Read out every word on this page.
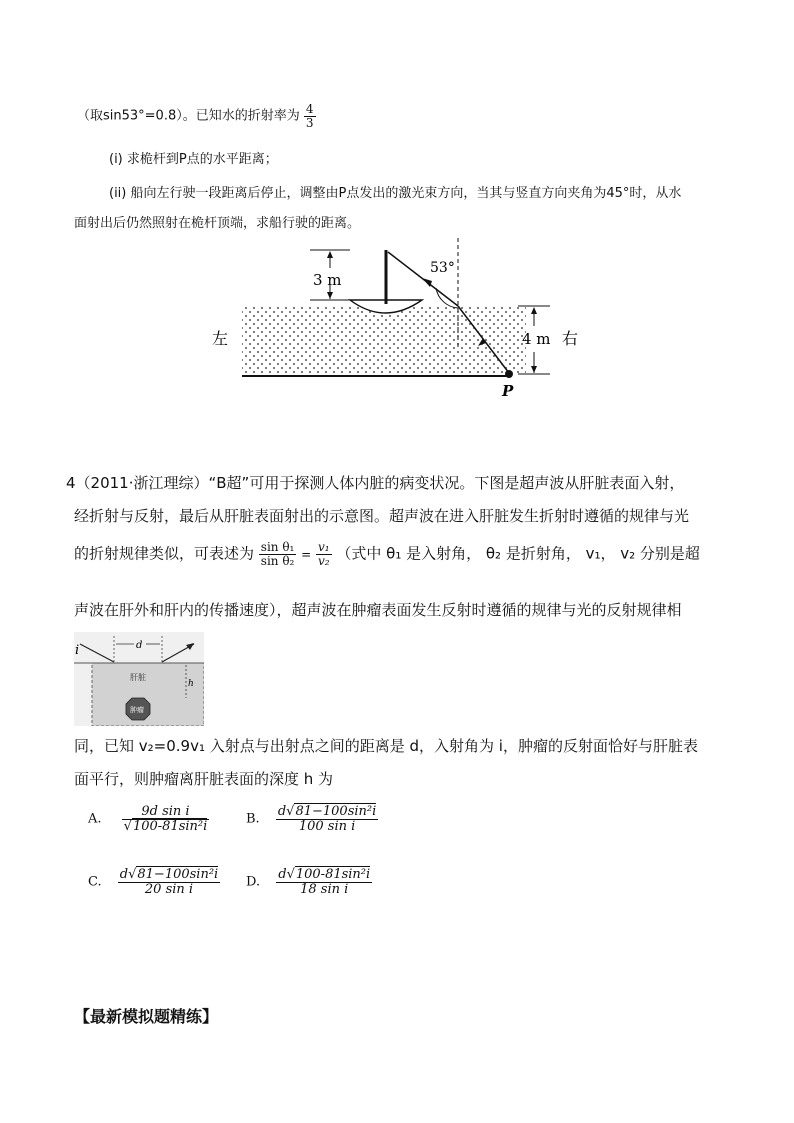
（取sin53°=0.8）。已知水的折射率为 $\frac{4}{3}$
(i) 求桅杆到P点的水平距离；
(ii) 船向左行驶一段距离后停止，调整由P点发出的激光束方向，当其与竖直方向夹角为45°时，从水
面射出后仍然照射在桅杆顶端，求船行驶的距离。
3 m
53°
P
4 m
左	右
4（2011·浙江理综）“B超”可用于探测人体内脏的病变状况。下图是超声波从肝脏表面入射，
经折射与反射，最后从肝脏表面射出的示意图。超声波在进入肝脏发生折射时遵循的规律与光
的折射规律类似，可表述为 $\frac{\text{sin θ₁}}{\text{sin θ₂}} = \frac{\text{v₁}}{\text{v₂}}$ （式中 θ₁ 是入射角， θ₂ 是折射角， v₁， v₂ 分别是超
声波在肝外和肝内的传播速度），超声波在肿瘤表面发生反射时遵循的规律与光的反射规律相
i	d
h
肝脏
肿瘤
同，已知 v₂=0.9v₁ 入射点与出射点之间的距离是 d，入射角为 i，肿瘤的反射面恰好与肝脏表
面平行，则肿瘤离肝脏表面的深度 h 为
A. $\frac{\text{9d sin i}}{\text{√100-81sin²i}}$	B. $\frac{\text{d√81−100sin²i}}{\text{100 sin i}}$
C. $\frac{\text{d√81−100sin²i}}{\text{20 sin i}} D$. $\frac{\text{d√100-81sin²i}}{\text{18 sin i}}$
【最新模拟题精练】
